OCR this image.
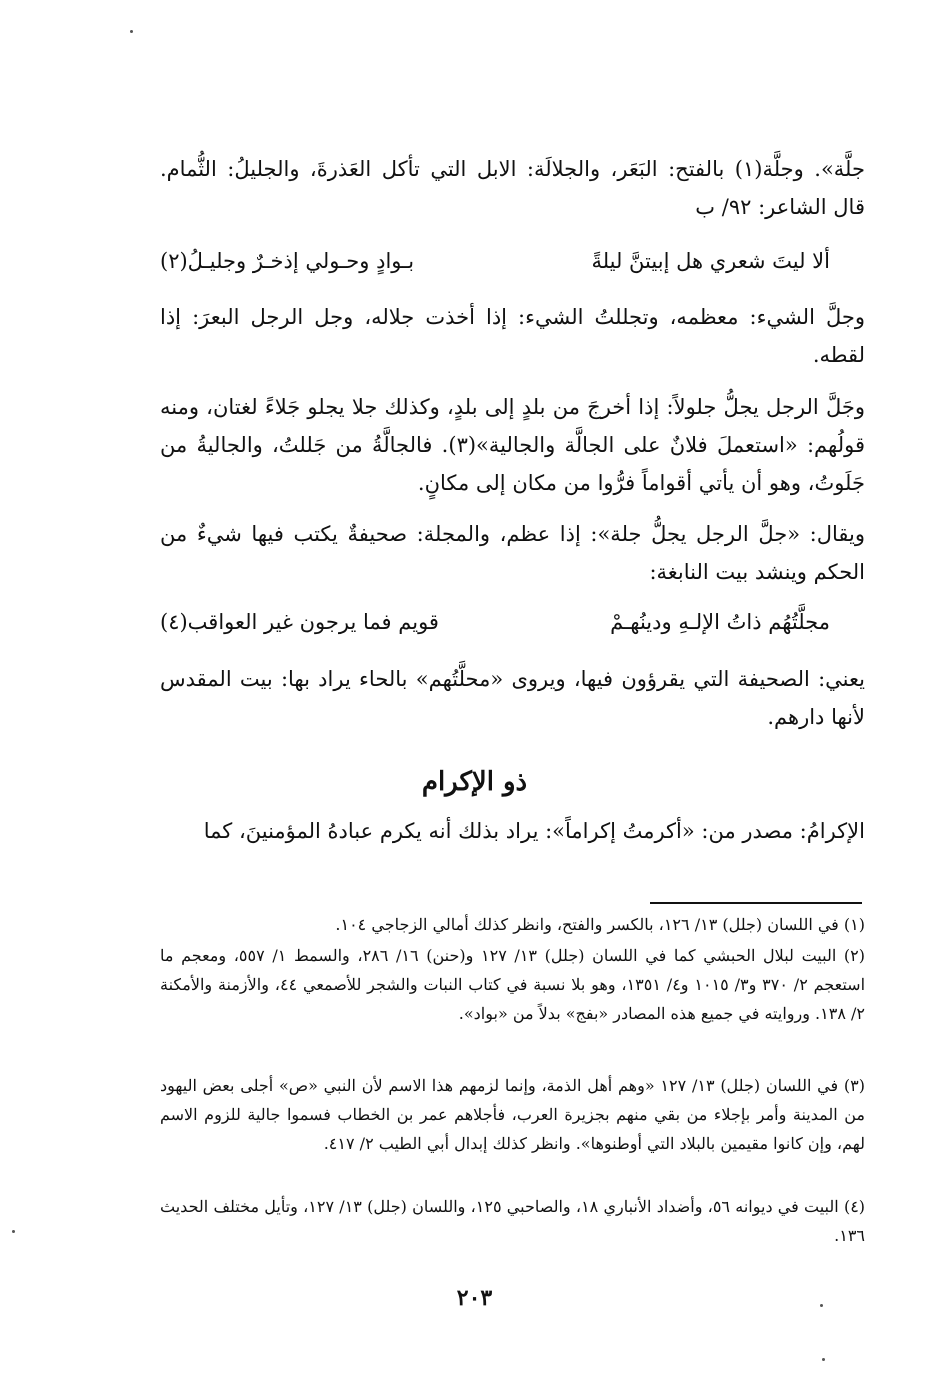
جلَّة». وجلَّة(١) بالفتح: البَعَر، والجلالَة: الابل التي تأكل العَذرةَ، والجليلُ: الثُّمام. قال الشاعر: ٩٢/ ب

ألا ليتَ شعري هل إبيتنَّ ليلةً
بـوادٍ وحـولي إذخـرٌ وجليـلُ(٢)

وجلَّ الشيء: معظمه، وتجللتُ الشيء: إذا أخذت جلاله، وجل الرجل البعرَ: إذا لقطه.

وجَلَّ الرجل يجلُّ جلولاً: إذا أخرجَ من بلدٍ إلى بلدٍ، وكذلك جلا يجلو جَلاءً لغتان، ومنه قولُهم: «استعملَ فلانٌ على الجالَّة والجالية»(٣). فالجالَّةُ من جَللتُ، والجاليةُ من جَلَوتُ، وهو أن يأتي أقواماً فرُّوا من مكان إلى مكانٍ.

ويقال: «جلَّ الرجل يجلُّ جلة»: إذا عظم، والمجلة: صحيفةٌ يكتب فيها شيءٌ من الحكم وينشد بيت النابغة:

مجلَّتُهُم ذاتُ الإلـهِ ودينُهـمْ
قويم فما يرجون غير العواقب(٤)

يعني: الصحيفة التي يقرؤون فيها، ويروى «محلَّتُهم» بالحاء يراد بها: بيت المقدس لأنها دارهم.

ذو الإكرام

الإكرامُ: مصدر من: «أكرمتُ إكراماً»: يراد بذلك أنه يكرم عبادهُ المؤمنينَ، كما

(١) في اللسان (جلل) ١٣/ ١٢٦، بالكسر والفتح، وانظر كذلك أمالي الزجاجي ١٠٤.

(٢) البيت لبلال الحبشي كما في اللسان (جلل) ١٣/ ١٢٧ و(حنن) ١٦/ ٢٨٦، والسمط ١/ ٥٥٧، ومعجم ما استعجم ٢/ ٣٧٠ و٣/ ١٠١٥ و٤/ ١٣٥١، وهو بلا نسبة في كتاب النبات والشجر للأصمعي ٤٤، والأزمنة والأمكنة ٢/ ١٣٨. وروايته في جميع هذه المصادر «بفج» بدلاً من «بواد».

(٣) في اللسان (جلل) ١٣/ ١٢٧ «وهم أهل الذمة، وإنما لزمهم هذا الاسم لأن النبي «ص» أجلى بعض اليهود من المدينة وأمر بإجلاء من بقي منهم بجزيرة العرب، فأجلاهم عمر بن الخطاب فسموا جالية للزوم الاسم لهم، وإن كانوا مقيمين بالبلاد التي أوطنوها». وانظر كذلك إبدال أبي الطيب ٢/ ٤١٧.

(٤) البيت في ديوانه ٥٦، وأضداد الأنباري ١٨، والصاحبي ١٢٥، واللسان (جلل) ١٣/ ١٢٧، وتأيل مختلف الحديث ١٣٦.

٢٠٣
